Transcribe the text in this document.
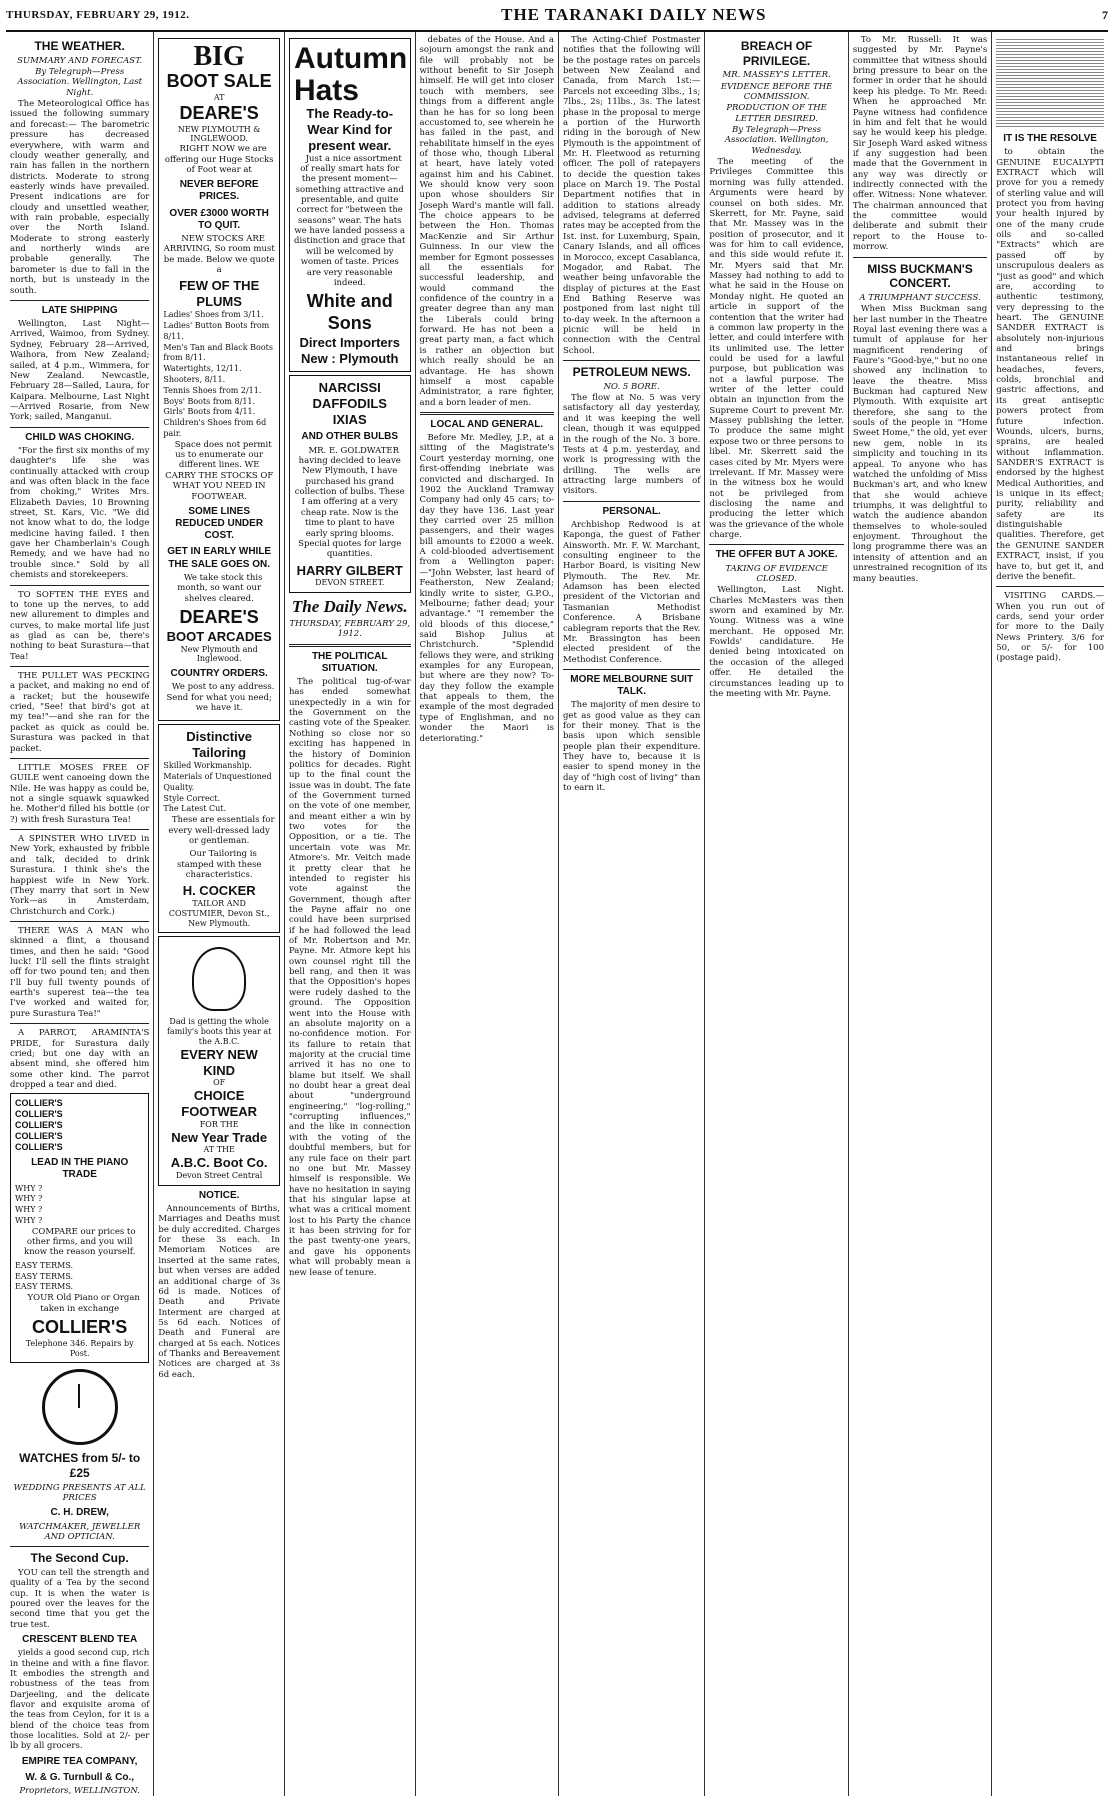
THURSDAY, FEBRUARY 29, 1912.	THE TARANAKI DAILY NEWS	7
THE WEATHER.
SUMMARY AND FORECAST.
By Telegraph—Press Association. Wellington, Last Night.

The Meteorological Office has issued the following summary and forecast:— The barometric pressure has decreased everywhere, with warm and cloudy weather generally, and rain has fallen in the northern districts. Moderate to strong easterly winds have prevailed. Present indications are for cloudy and unsettled weather, with rain probable, especially over the North Island. Moderate to strong easterly and northerly winds are probable generally. The barometer is due to fall in the north, but is unsteady in the south.

LATE SHIPPING

Wellington, Last Night—Arrived, Waimoo, from Sydney. Sydney, February 28—Arrived, Waihora, from New Zealand; sailed, at 4 p.m., Wimmera, for New Zealand. Newcastle, February 28—Sailed, Laura, for Kaipara. Melbourne, Last Night—Arrived Rosarie, from New York; sailed, Manganui.

CHILD WAS CHOKING.

"For the first six months of my daughter's life she was continually attacked with croup and was often black in the face from choking," Writes Mrs. Elizabeth Davies, 10 Browning street, St. Kars, Vic. "We did not know what to do, the lodge medicine having failed. I then gave her Chamberlain's Cough Remedy, and we have had no trouble since." Sold by all chemists and storekeepers.

TO SOFTEN THE EYES and to tone up the nerves, to add new allurement to dimples and curves, to make mortal life just as glad as can be, there's nothing to beat Surastura—that Tea!

THE PULLET WAS PECKING a packet, and making no end of a racket; but the housewife cried, "See! that bird's got at my tea!"—and she ran for the packet as quick as could be. Surastura was packed in that packet.

LITTLE MOSES FREE OF GUILE went canoeing down the Nile. He was happy as could be, not a single squawk squawked he. Mother'd filled his bottle (or ?) with fresh Surastura Tea!

A SPINSTER WHO LIVED in New York, exhausted by fribble and talk, decided to drink Surastura. I think she's the happiest wife in New York. (They marry that sort in New York—as in Amsterdam, Christchurch and Cork.)

THERE WAS A MAN who skinned a flint, a thousand times, and then he said: "Good luck! I'll sell the flints straight off for two pound ten; and then I'll buy full twenty pounds of earth's superest tea—the tea I've worked and waited for, pure Surastura Tea!"

A PARROT, ARAMINTA'S PRIDE, for Surastura daily cried; but one day with an absent mind, she offered him some other kind. The parrot dropped a tear and died.

COLLIER'S
COLLIER'S
COLLIER'S
COLLIER'S
COLLIER'S
LEAD IN THE PIANO TRADE
WHY ?
WHY ?
WHY ?
WHY ?

COMPARE our prices to other firms, and you will know the reason yourself.

EASY TERMS.
EASY TERMS.
EASY TERMS.

YOUR Old Piano or Organ taken in exchange

COLLIER'S
Telephone 346. Repairs by Post.
WATCHES from 5/- to £25
WEDDING PRESENTS AT ALL PRICES
C. H. DREW,
WATCHMAKER, JEWELLER AND OPTICIAN.
The Second Cup.

YOU can tell the strength and quality of a Tea by the second cup. It is when the water is poured over the leaves for the second time that you get the true test.

CRESCENT BLEND TEA

yields a good second cup, rich in theine and with a fine flavor. It embodies the strength and robustness of the teas from Darjeeling, and the delicate flavor and exquisite aroma of the teas from Ceylon, for it is a blend of the choice teas from those localities. Sold at 2/- per lb by all grocers.

EMPIRE TEA COMPANY,
W. & G. Turnbull & Co.,
Proprietors, WELLINGTON.
BIG
BOOT SALE
AT
DEARE'S
NEW PLYMOUTH & INGLEWOOD.

RIGHT NOW we are offering our Huge Stocks of Foot wear at

NEVER BEFORE PRICES.
OVER £3000 WORTH TO QUIT.

NEW STOCKS ARE ARRIVING, So room must be made. Below we quote a

FEW OF THE PLUMS
Ladies' Shoes from 3/11.
Ladies' Button Boots from 8/11.
Men's Tan and Black Boots from 8/11.
Watertights, 12/11.
Shooters, 8/11.
Tennis Shoes from 2/11.
Boys' Boots from 8/11.
Girls' Boots from 4/11.
Children's Shoes from 6d pair.

Space does not permit us to enumerate our different lines. WE CARRY THE STOCKS OF WHAT YOU NEED IN FOOTWEAR.

SOME LINES REDUCED UNDER COST.
GET IN EARLY WHILE THE SALE GOES ON.

We take stock this month, so want our shelves cleared.

DEARE'S
BOOT ARCADES
New Plymouth and Inglewood.
COUNTRY ORDERS.

We post to any address. Send for what you need; we have it.

Distinctive Tailoring
Skilled Workmanship.
Materials of Unquestioned Quality.
Style Correct.
The Latest Cut.

These are essentials for every well-dressed lady or gentleman.

Our Tailoring is stamped with these characteristics.

H. COCKER
TAILOR AND COSTUMIER, Devon St., New Plymouth.
Dad is getting the whole family's boots this year at the A.B.C.
EVERY NEW KIND
OF
CHOICE FOOTWEAR
FOR THE
New Year Trade
AT THE
A.B.C. Boot Co.
Devon Street Central
NOTICE.

Announcements of Births, Marriages and Deaths must be duly accredited. Charges for these 3s each. In Memoriam Notices are inserted at the same rates, but when verses are added an additional charge of 3s 6d is made. Notices of Death and Private Interment are charged at 5s 6d each. Notices of Death and Funeral are charged at 5s each. Notices of Thanks and Bereavement Notices are charged at 3s 6d each.

Autumn Hats
The Ready-to-Wear Kind for present wear.

Just a nice assortment of really smart hats for the present moment—something attractive and presentable, and quite correct for "between the seasons" wear. The hats we have landed possess a distinction and grace that will be welcomed by women of taste. Prices are very reasonable indeed.

White and Sons
Direct Importers
New : Plymouth
NARCISSI
DAFFODILS
IXIAS
AND OTHER BULBS

MR. E. GOLDWATER having decided to leave New Plymouth, I have purchased his grand collection of bulbs. These I am offering at a very cheap rate. Now is the time to plant to have early spring blooms. Special quotes for large quantities.

HARRY GILBERT
DEVON STREET.
The Daily News.
THURSDAY, FEBRUARY 29, 1912.
THE POLITICAL SITUATION.

The political tug-of-war has ended somewhat unexpectedly in a win for the Government on the casting vote of the Speaker. Nothing so close nor so exciting has happened in the history of Dominion politics for decades. Right up to the final count the issue was in doubt. The fate of the Government turned on the vote of one member, and meant either a win by two votes for the Opposition, or a tie. The uncertain vote was Mr. Atmore's. Mr. Veitch made it pretty clear that he intended to register his vote against the Government, though after the Payne affair no one could have been surprised if he had followed the lead of Mr. Robertson and Mr. Payne. Mr. Atmore kept his own counsel right till the bell rang, and then it was that the Opposition's hopes were rudely dashed to the ground. The Opposition went into the House with an absolute majority on a no-confidence motion. For its failure to retain that majority at the crucial time arrived it has no one to blame but itself. We shall no doubt hear a great deal about "underground engineering," "log-rolling," "corrupting influences," and the like in connection with the voting of the doubtful members, but for any rule face on their part no one but Mr. Massey himself is responsible. We have no hesitation in saying that his singular lapse at what was a critical moment lost to his Party the chance it has been striving for for the past twenty-one years, and gave his opponents what will probably mean a new lease of tenure.

debates of the House. And a sojourn amongst the rank and file will probably not be without benefit to Sir Joseph himself. He will get into closer touch with members, see things from a different angle than he has for so long been accustomed to, see wherein he has failed in the past, and rehabilitate himself in the eyes of those who, though Liberal at heart, have lately voted against him and his Cabinet. We should know very soon upon whose shoulders Sir Joseph Ward's mantle will fall. The choice appears to be between the Hon. Thomas MacKenzie and Sir Arthur Guinness. In our view the member for Egmont possesses all the essentials for successful leadership, and would command the confidence of the country in a greater degree than any man the Liberals could bring forward. He has not been a great party man, a fact which is rather an objection but which really should be an advantage. He has shown himself a most capable Administrator, a rare fighter, and a born leader of men.

LOCAL AND GENERAL.

Before Mr. Medley, J.P., at a sitting of the Magistrate's Court yesterday morning, one first-offending inebriate was convicted and discharged. In 1902 the Auckland Tramway Company had only 45 cars; to-day they have 136. Last year they carried over 25 million passengers, and their wages bill amounts to £2000 a week. A cold-blooded advertisement from a Wellington paper:—"John Webster, last heard of Featherston, New Zealand; kindly write to sister, G.P.O., Melbourne; father dead; your advantage." "I remember the old bloods of this diocese," said Bishop Julius at Christchurch. "Splendid fellows they were, and striking examples for any European, but where are they now? To-day they follow the example that appeals to them, the example of the most degraded type of Englishman, and no wonder the Maori is deteriorating."

The Acting-Chief Postmaster notifies that the following will be the postage rates on parcels between New Zealand and Canada, from March 1st:—Parcels not exceeding 3lbs., 1s; 7lbs., 2s; 11lbs., 3s. The latest phase in the proposal to merge a portion of the Hurworth riding in the borough of New Plymouth is the appointment of Mr. H. Fleetwood as returning officer. The poll of ratepayers to decide the question takes place on March 19. The Postal Department notifies that in addition to stations already advised, telegrams at deferred rates may be accepted from the Ist. inst. for Luxemburg, Spain, Canary Islands, and all offices in Morocco, except Casablanca, Mogador, and Rabat. The weather being unfavorable the display of pictures at the East End Bathing Reserve was postponed from last night till to-day week. In the afternoon a picnic will be held in connection with the Central School.

PETROLEUM NEWS.
NO. 5 BORE.

The flow at No. 5 was very satisfactory all day yesterday, and it was keeping the well clean, though it was equipped in the rough of the No. 3 bore. Tests at 4 p.m. yesterday, and work is progressing with the drilling. The wells are attracting large numbers of visitors.

PERSONAL.

Archbishop Redwood is at Kaponga, the guest of Father Ainsworth. Mr. F. W. Marchant, consulting engineer to the Harbor Board, is visiting New Plymouth. The Rev. Mr. Adamson has been elected president of the Victorian and Tasmanian Methodist Conference. A Brisbane cablegram reports that the Rev. Mr. Brassington has been elected president of the Methodist Conference.

MORE MELBOURNE SUIT TALK.

The majority of men desire to get as good value as they can for their money. That is the basis upon which sensible people plan their expenditure. They have to, because it is easier to spend money in the day of "high cost of living" than to earn it.

BREACH OF PRIVILEGE.
MR. MASSEY'S LETTER.
EVIDENCE BEFORE THE COMMISSION.
PRODUCTION OF THE LETTER DESIRED.
By Telegraph—Press Association. Wellington, Wednesday.

The meeting of the Privileges Committee this morning was fully attended. Arguments were heard by counsel on both sides. Mr. Skerrett, for Mr. Payne, said that Mr. Massey was in the position of prosecutor, and it was for him to call evidence, and this side would refute it. Mr. Myers said that Mr. Massey had nothing to add to what he said in the House on Monday night. He quoted an article in support of the contention that the writer had a common law property in the letter, and could interfere with its unlimited use. The letter could be used for a lawful purpose, but publication was not a lawful purpose. The writer of the letter could obtain an injunction from the Supreme Court to prevent Mr. Massey publishing the letter. To produce the same might expose two or three persons to libel. Mr. Skerrett said the cases cited by Mr. Myers were irrelevant. If Mr. Massey were in the witness box he would not be privileged from disclosing the name and producing the letter which was the grievance of the whole charge.

THE OFFER BUT A JOKE.
TAKING OF EVIDENCE CLOSED.

Wellington, Last Night. Charles McMasters was then sworn and examined by Mr. Young. Witness was a wine merchant. He opposed Mr. Fowlds' candidature. He denied being intoxicated on the occasion of the alleged offer. He detailed the circumstances leading up to the meeting with Mr. Payne.

To Mr. Russell: It was suggested by Mr. Payne's committee that witness should bring pressure to bear on the former in order that he should keep his pledge. To Mr. Reed: When he approached Mr. Payne witness had confidence in him and felt that he would say he would keep his pledge. Sir Joseph Ward asked witness if any suggestion had been made that the Government in any way was directly or indirectly connected with the offer. Witness: None whatever. The chairman announced that the committee would deliberate and submit their report to the House to-morrow.

MISS BUCKMAN'S CONCERT.
A TRIUMPHANT SUCCESS.

When Miss Buckman sang her last number in the Theatre Royal last evening there was a tumult of applause for her magnificent rendering of Faure's "Good-bye," but no one showed any inclination to leave the theatre. Miss Buckman had captured New Plymouth. With exquisite art therefore, she sang to the souls of the people in "Home Sweet Home," the old, yet ever new gem, noble in its simplicity and touching in its appeal. To anyone who has watched the unfolding of Miss Buckman's art, and who knew that she would achieve triumphs, it was delightful to watch the audience abandon themselves to whole-souled enjoyment. Throughout the long programme there was an intensity of attention and an unrestrained recognition of its many beauties.

IT IS THE RESOLVE

to obtain the GENUINE EUCALYPTI EXTRACT which will prove for you a remedy of sterling value and will protect you from having your health injured by one of the many crude oils and so-called "Extracts" which are passed off by unscrupulous dealers as "just as good" and which are, according to authentic testimony, very depressing to the heart. The GENUINE SANDER EXTRACT is absolutely non-injurious and brings instantaneous relief in headaches, fevers, colds, bronchial and gastric affections, and its great antiseptic powers protect from future infection. Wounds, ulcers, burns, sprains, are healed without inflammation. SANDER'S EXTRACT is endorsed by the highest Medical Authorities, and is unique in its effect; purity, reliability and safety are its distinguishable qualities. Therefore, get the GENUINE SANDER EXTRACT, insist, if you have to, but get it, and derive the benefit.

VISITING CARDS.— When you run out of cards, send your order for more to the Daily News Printery. 3/6 for 50, or 5/- for 100 (postage paid).
